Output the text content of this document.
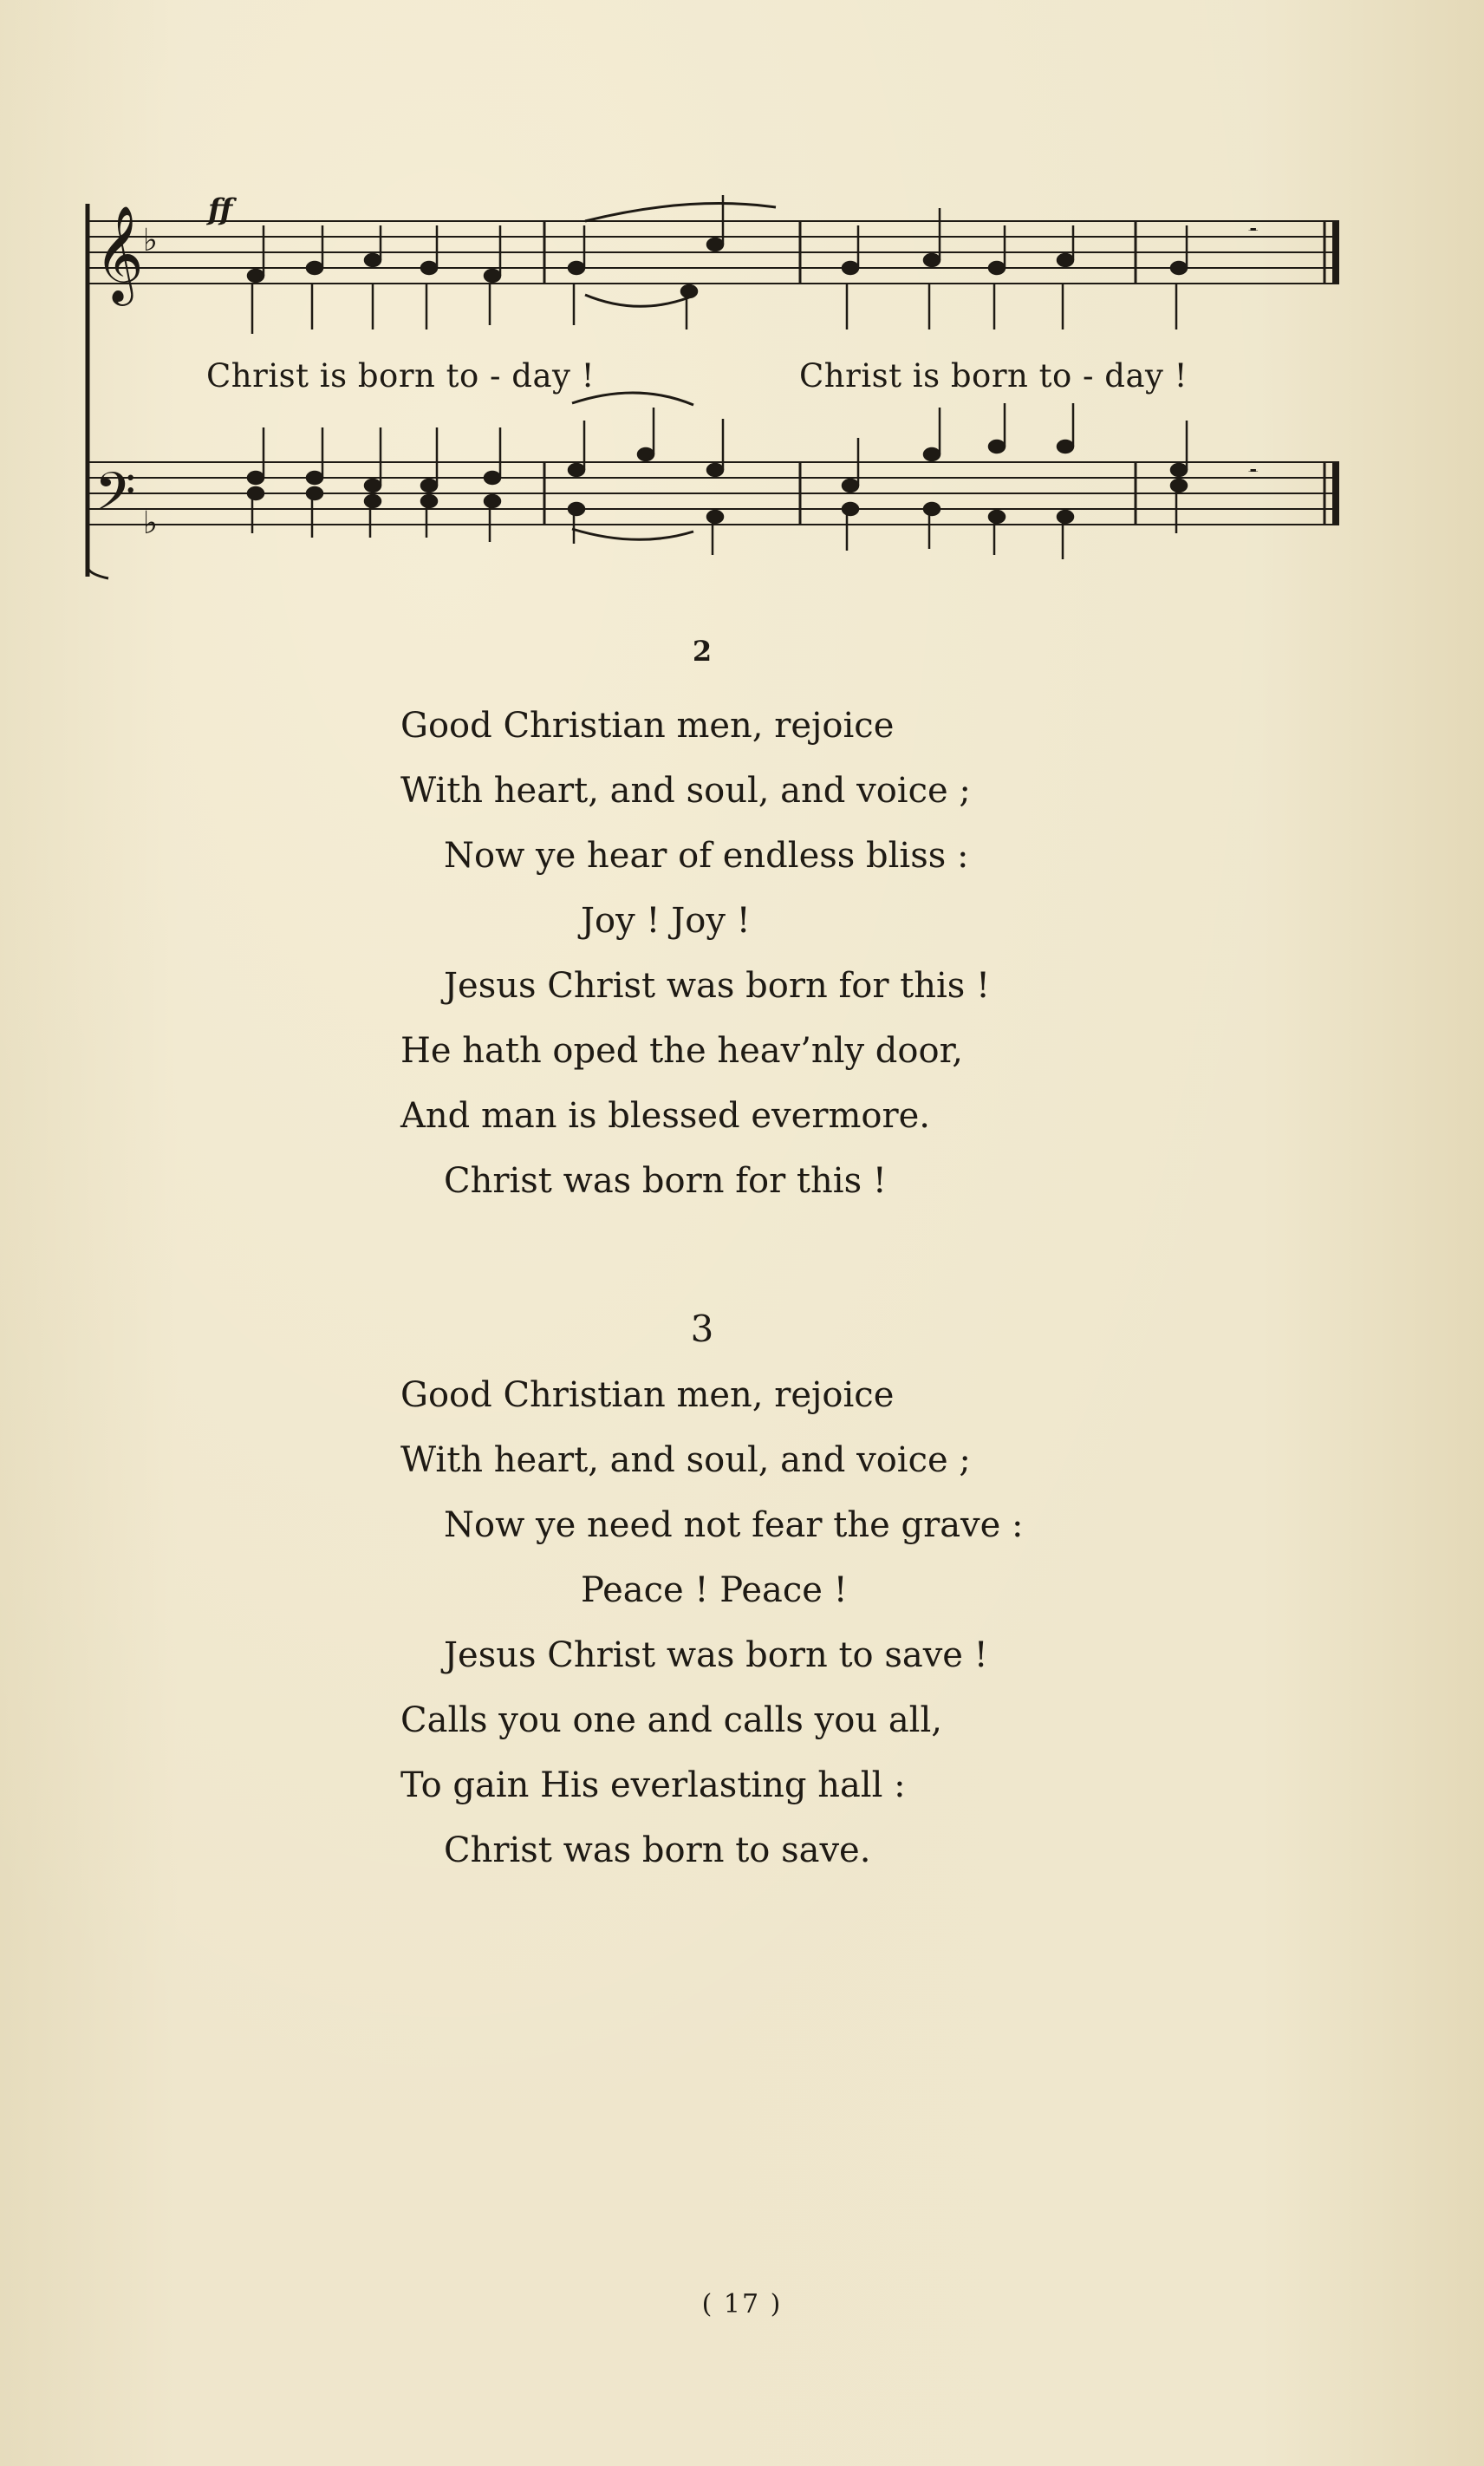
𝄞
𝄢
♭
♭
ff
𝄼
𝄼
Christ is born to - day !	Christ is born to - day !
2
Good Christian men, rejoice
With heart, and soul, and voice ;
Now ye hear of endless bliss :
Joy ! Joy !
Jesus Christ was born for this !
He hath oped the heav’nly door,
And man is blessed evermore.
Christ was born for this !
3
Good Christian men, rejoice
With heart, and soul, and voice ;
Now ye need not fear the grave :
Peace ! Peace !
Jesus Christ was born to save !
Calls you one and calls you all,
To gain His everlasting hall :
Christ was born to save.
( 17 )
